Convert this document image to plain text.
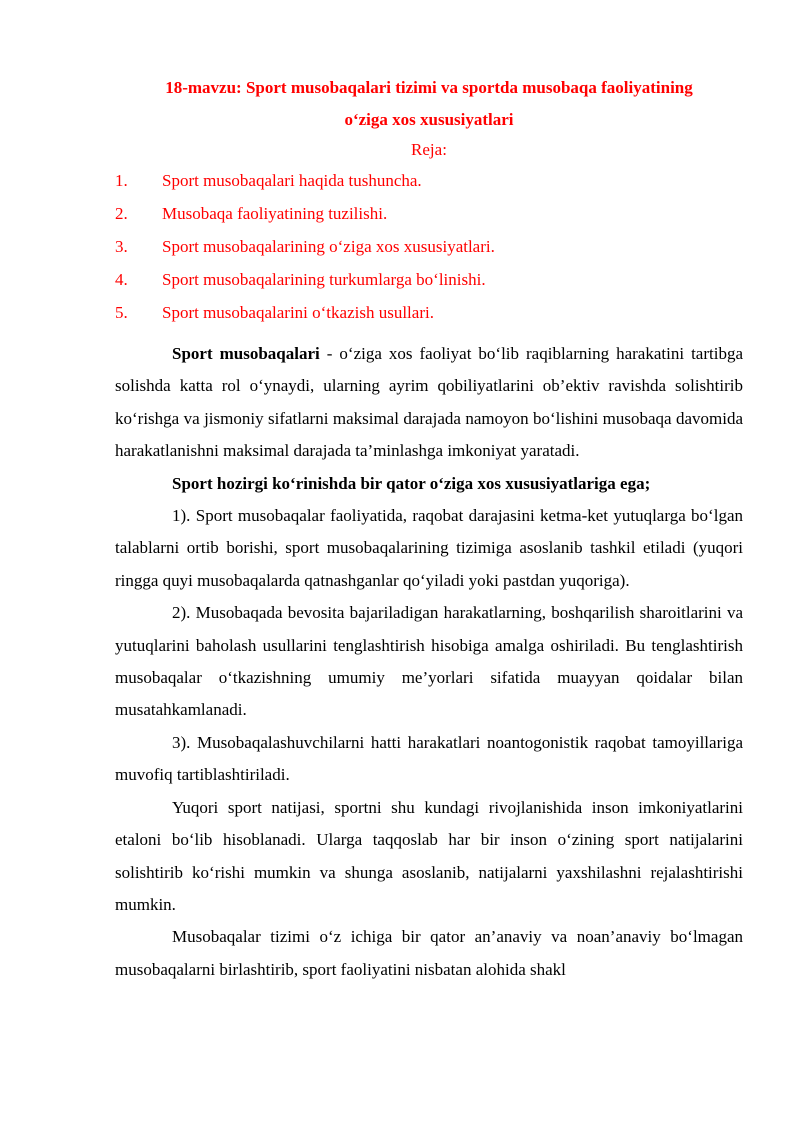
18-mavzu: Sport musobaqalari tizimi va sportda musobaqa faoliyatining
o‘ziga xos xususiyatlari

Reja:

1.	Sport musobaqalari haqida tushuncha.
2.	Musobaqa faoliyatining tuzilishi.
3.	Sport musobaqalarining o‘ziga xos xususiyatlari.
4.	Sport musobaqalarining turkumlarga bo‘linishi.
5.	Sport musobaqalarini o‘tkazish usullari.

Sport musobaqalari - o‘ziga xos faoliyat bo‘lib raqiblarning harakatini tartibga solishda katta rol o‘ynaydi, ularning ayrim qobiliyatlarini ob’ektiv ravishda solishtirib ko‘rishga va jismoniy sifatlarni maksimal darajada namoyon bo‘lishini musobaqa davomida harakatlanishni maksimal darajada ta’minlashga imkoniyat yaratadi.

Sport hozirgi ko‘rinishda bir qator o‘ziga xos xususiyatlariga ega;

1). Sport musobaqalar faoliyatida, raqobat darajasini ketma-ket yutuqlarga bo‘lgan talablarni ortib borishi, sport musobaqalarining tizimiga asoslanib tashkil etiladi (yuqori ringga quyi musobaqalarda qatnashganlar qo‘yiladi yoki pastdan yuqoriga).

2). Musobaqada bevosita bajariladigan harakatlarning, boshqarilish sharoitlarini va yutuqlarini baholash usullarini tenglashtirish hisobiga amalga oshiriladi. Bu tenglashtirish musobaqalar o‘tkazishning umumiy me’yorlari sifatida muayyan qoidalar bilan musatahkamlanadi.

3). Musobaqalashuvchilarni hatti harakatlari noantogonistik raqobat tamoyillariga muvofiq tartiblashtiriladi.

Yuqori sport natijasi, sportni shu kundagi rivojlanishida inson imkoniyatlarini etaloni bo‘lib hisoblanadi. Ularga taqqoslab har bir inson o‘zining sport natijalarini solishtirib ko‘rishi mumkin va shunga asoslanib, natijalarni yaxshilashni rejalashtirishi mumkin.

Musobaqalar tizimi o‘z ichiga bir qator an’anaviy va noan’anaviy bo‘lmagan musobaqalarni birlashtirib, sport faoliyatini nisbatan alohida shakl
